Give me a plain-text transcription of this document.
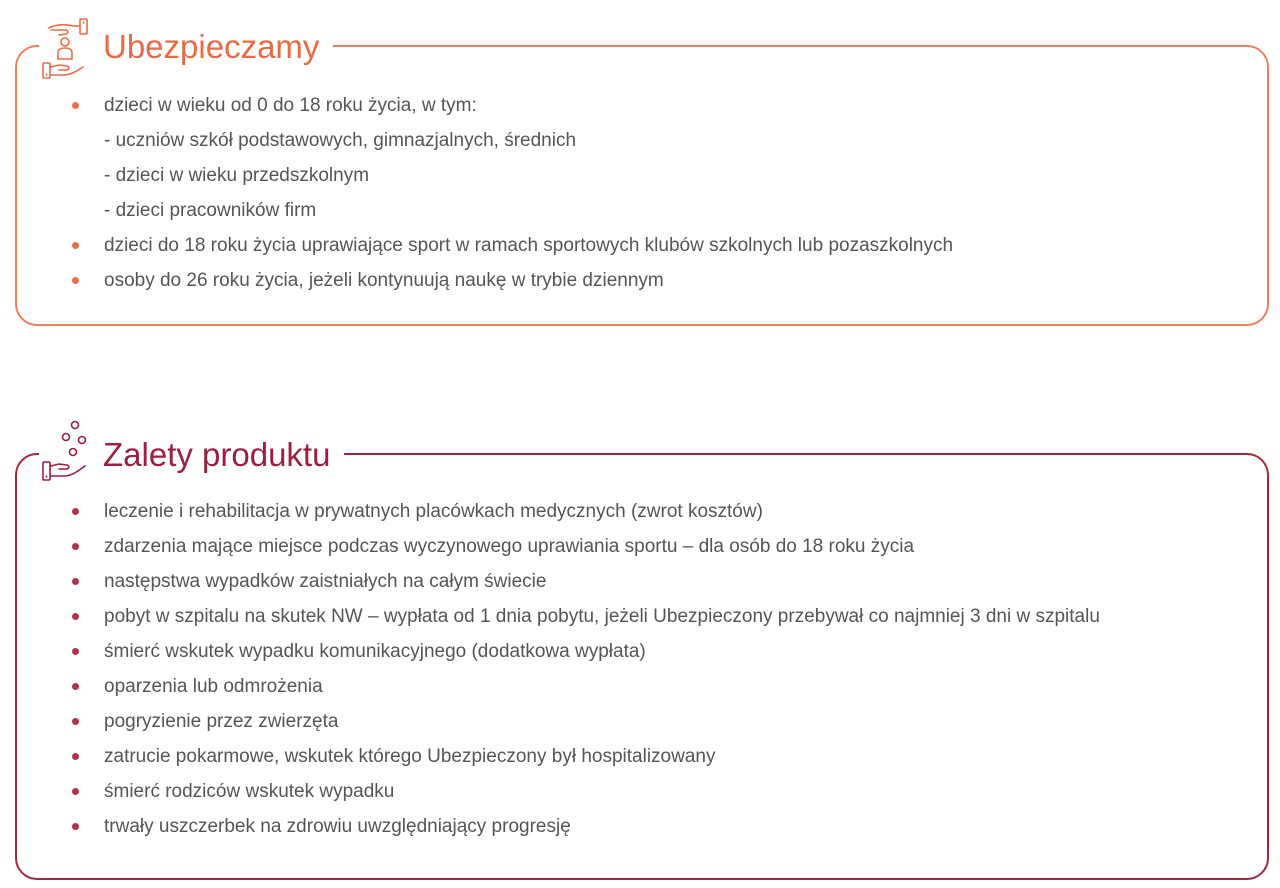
Ubezpieczamy
dzieci w wieku od 0 do 18 roku życia, w tym:
- uczniów szkół podstawowych, gimnazjalnych, średnich
- dzieci w wieku przedszkolnym
- dzieci pracowników firm
dzieci do 18 roku życia uprawiające sport w ramach sportowych klubów szkolnych lub pozaszkolnych
osoby do 26 roku życia, jeżeli kontynuują naukę w trybie dziennym
Zalety produktu
leczenie i rehabilitacja w prywatnych placówkach medycznych (zwrot kosztów)
zdarzenia mające miejsce podczas wyczynowego uprawiania sportu – dla osób do 18 roku życia
następstwa wypadków zaistniałych na całym świecie
pobyt w szpitalu na skutek NW – wypłata od 1 dnia pobytu, jeżeli Ubezpieczony przebywał co najmniej 3 dni w szpitalu
śmierć wskutek wypadku komunikacyjnego (dodatkowa wypłata)
oparzenia lub odmrożenia
pogryzienie przez zwierzęta
zatrucie pokarmowe, wskutek którego Ubezpieczony był hospitalizowany
śmierć rodziców wskutek wypadku
trwały uszczerbek na zdrowiu uwzględniający progresję
